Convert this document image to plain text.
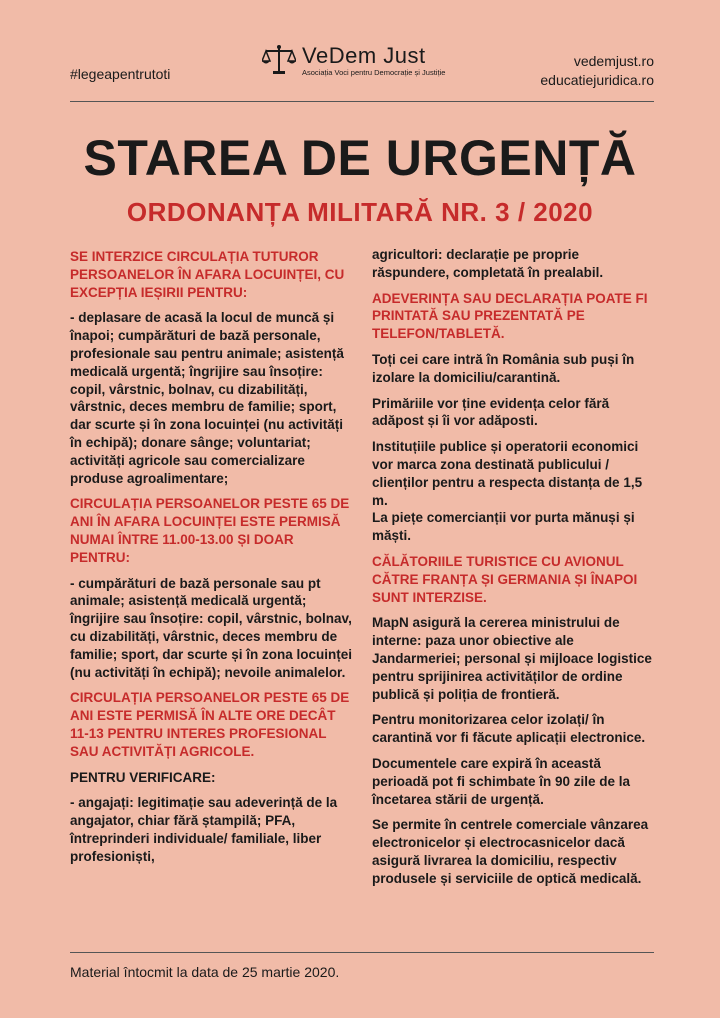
#legeapentrutoti
VeDem Just
Asociația Voci pentru Democrație și Justiție
vedemjust.ro
educatiejuridica.ro
STAREA DE URGENȚĂ
ORDONANȚA MILITARĂ NR. 3 / 2020

SE INTERZICE CIRCULAȚIA TUTUROR PERSOANELOR ÎN AFARA LOCUINȚEI, CU EXCEPȚIA IEȘIRII PENTRU:

- deplasare de acasă la locul de muncă și înapoi; cumpărături de bază personale, profesionale sau pentru animale; asistență medicală urgentă; îngrijire sau însoțire: copil, vârstnic, bolnav, cu dizabilități, vârstnic, deces membru de familie; sport, dar scurte și în zona locuinței (nu activități în echipă); donare sânge; voluntariat; activități agricole sau comercializare produse agroalimentare;

CIRCULAȚIA PERSOANELOR PESTE 65 DE ANI ÎN AFARA LOCUINȚEI ESTE PERMISĂ NUMAI ÎNTRE 11.00-13.00 ȘI DOAR PENTRU:

- cumpărături de bază personale sau pt animale; asistență medicală urgentă; îngrijire sau însoțire: copil, vârstnic, bolnav, cu dizabilități, vârstnic, deces membru de familie; sport, dar scurte și în zona locuinței (nu activități în echipă); nevoile animalelor.

CIRCULAȚIA PERSOANELOR PESTE 65 DE ANI ESTE PERMISĂ ÎN ALTE ORE DECÂT 11-13 PENTRU INTERES PROFESIONAL SAU ACTIVITĂȚI AGRICOLE.

PENTRU VERIFICARE:

- angajați: legitimație sau adeverință de la angajator, chiar fără ștampilă; PFA, întreprinderi individuale/ familiale, liber profesioniști,

agricultori: declarație pe proprie răspundere, completată în prealabil.

ADEVERINȚA SAU DECLARAȚIA POATE FI PRINTATĂ SAU PREZENTATĂ PE TELEFON/TABLETĂ.

Toți cei care intră în România sub puși în izolare la domiciliu/carantină.

Primăriile vor ține evidența celor fără adăpost și îi vor adăposti.

Instituțiile publice și operatorii economici vor marca zona destinată publicului / clienților pentru a respecta distanța de 1,5 m.
La piețe comercianții vor purta mănuși și măști.

CĂLĂTORIILE TURISTICE CU AVIONUL CĂTRE FRANȚA ȘI GERMANIA ȘI ÎNAPOI SUNT INTERZISE.

MapN asigură la cererea ministrului de interne: paza unor obiective ale Jandarmeriei; personal și mijloace logistice pentru sprijinirea activităților de ordine publică și poliția de frontieră.

Pentru monitorizarea celor izolați/ în carantină vor fi făcute aplicații electronice.

Documentele care expiră în această perioadă pot fi schimbate în 90 zile de la încetarea stării de urgență.

Se permite în centrele comerciale vânzarea electronicelor și electrocasnicelor dacă asigură livrarea la domiciliu, respectiv produsele și serviciile de optică medicală.

Material întocmit la data de 25 martie 2020.
